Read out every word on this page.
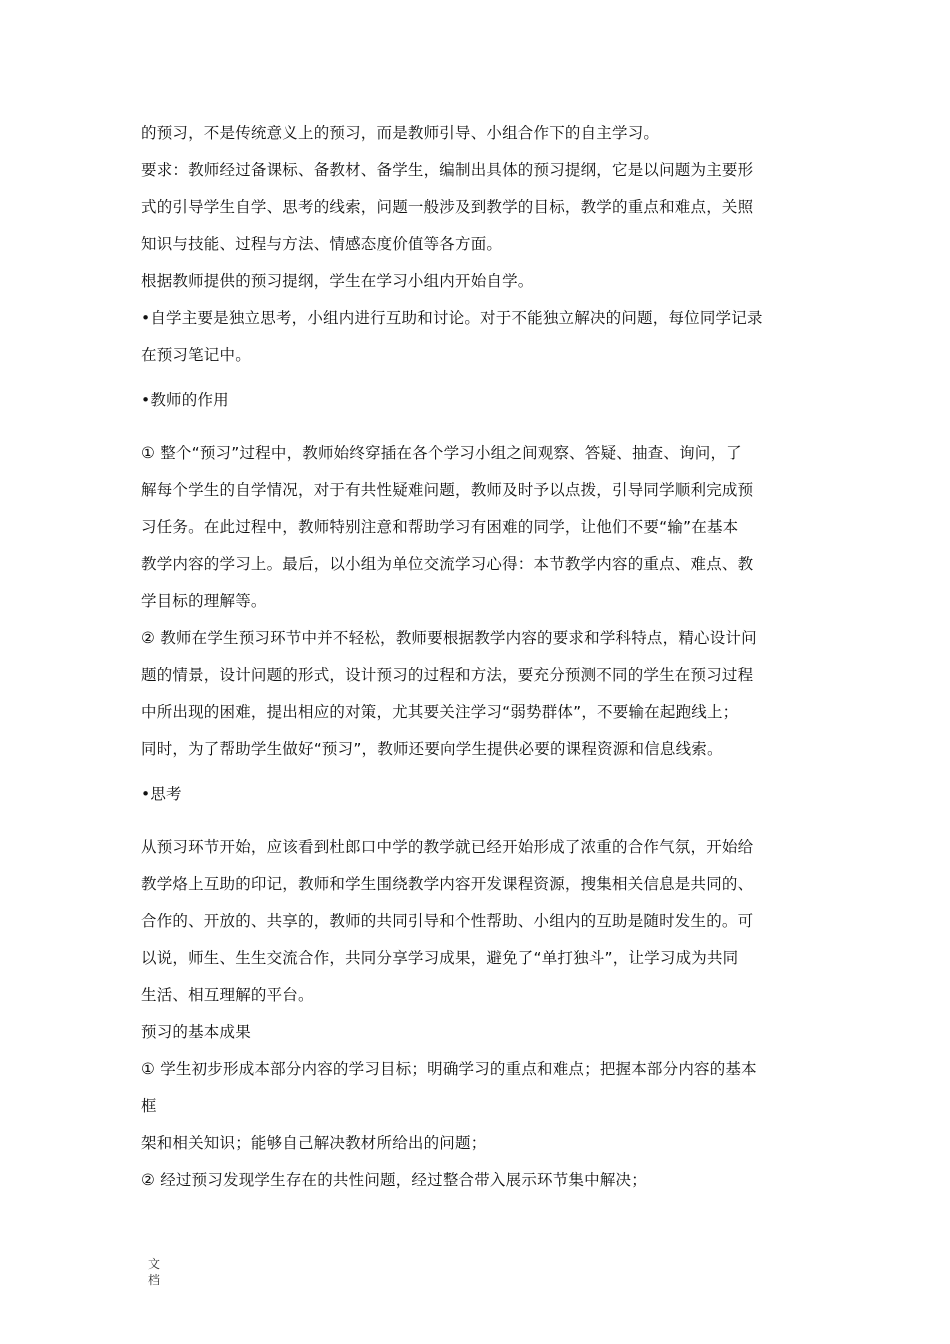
的预习，不是传统意义上的预习，而是教师引导、小组合作下的自主学习。
要求：教师经过备课标、备教材、备学生，编制出具体的预习提纲，它是以问题为主要形
式的引导学生自学、思考的线索，问题一般涉及到教学的目标，教学的重点和难点，关照
知识与技能、过程与方法、情感态度价值等各方面。
根据教师提供的预习提纲，学生在学习小组内开始自学。
•自学主要是独立思考，小组内进行互助和讨论。对于不能独立解决的问题，每位同学记录
在预习笔记中。
•教师的作用
① 整个“预习”过程中，教师始终穿插在各个学习小组之间观察、答疑、抽查、询问，了
解每个学生的自学情况，对于有共性疑难问题，教师及时予以点拨，引导同学顺利完成预
习任务。在此过程中，教师特别注意和帮助学习有困难的同学，让他们不要“输”在基本
教学内容的学习上。最后，以小组为单位交流学习心得：本节教学内容的重点、难点、教
学目标的理解等。
② 教师在学生预习环节中并不轻松，教师要根据教学内容的要求和学科特点，精心设计问
题的情景，设计问题的形式，设计预习的过程和方法，要充分预测不同的学生在预习过程
中所出现的困难，提出相应的对策，尤其要关注学习“弱势群体”，不要输在起跑线上；
同时，为了帮助学生做好“预习”，教师还要向学生提供必要的课程资源和信息线索。
•思考
从预习环节开始，应该看到杜郎口中学的教学就已经开始形成了浓重的合作气氛，开始给
教学烙上互助的印记，教师和学生围绕教学内容开发课程资源，搜集相关信息是共同的、
合作的、开放的、共享的，教师的共同引导和个性帮助、小组内的互助是随时发生的。可
以说，师生、生生交流合作，共同分享学习成果，避免了“单打独斗”，让学习成为共同
生活、相互理解的平台。
预习的基本成果
① 学生初步形成本部分内容的学习目标；明确学习的重点和难点；把握本部分内容的基本
框
架和相关知识；能够自己解决教材所给出的问题；
② 经过预习发现学生存在的共性问题，经过整合带入展示环节集中解决；
文
档
